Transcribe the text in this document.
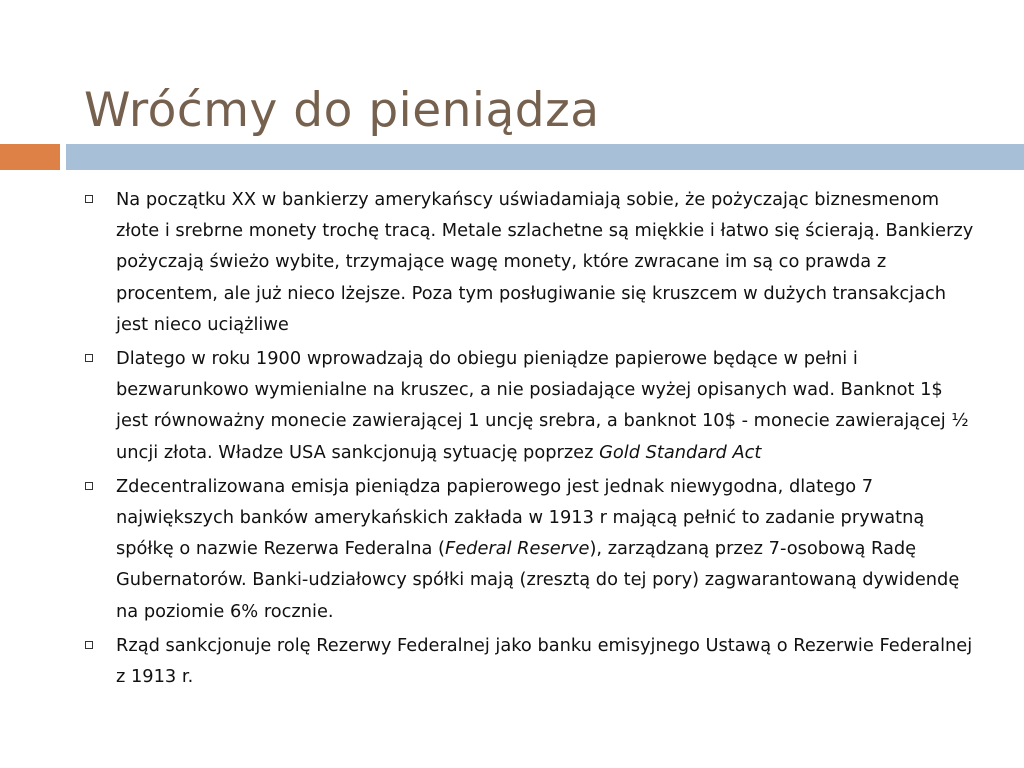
Wróćmy do pieniądza
Na początku XX w bankierzy amerykańscy uświadamiają sobie, że pożyczając biznesmenom złote i srebrne monety trochę tracą. Metale szlachetne są miękkie i łatwo się ścierają. Bankierzy pożyczają świeżo wybite, trzymające wagę monety, które zwracane im są co prawda z procentem, ale już nieco lżejsze. Poza tym posługiwanie się kruszcem w dużych transakcjach jest nieco uciążliwe
Dlatego w roku 1900 wprowadzają do obiegu pieniądze papierowe będące w pełni i bezwarunkowo wymienialne na kruszec, a nie posiadające wyżej opisanych wad. Banknot 1$ jest równoważny monecie zawierającej 1 uncję srebra, a banknot 10$ - monecie zawierającej ½ uncji złota. Władze USA sankcjonują sytuację poprzez Gold Standard Act
Zdecentralizowana emisja pieniądza papierowego jest jednak niewygodna, dlatego 7 największych banków amerykańskich zakłada w 1913 r mającą pełnić to zadanie prywatną spółkę o nazwie Rezerwa Federalna (Federal Reserve), zarządzaną przez 7-osobową Radę Gubernatorów. Banki-udziałowcy spółki mają (zresztą do tej pory) zagwarantowaną dywidendę na poziomie 6% rocznie.
Rząd sankcjonuje rolę Rezerwy Federalnej jako banku emisyjnego Ustawą o Rezerwie Federalnej z 1913 r.
